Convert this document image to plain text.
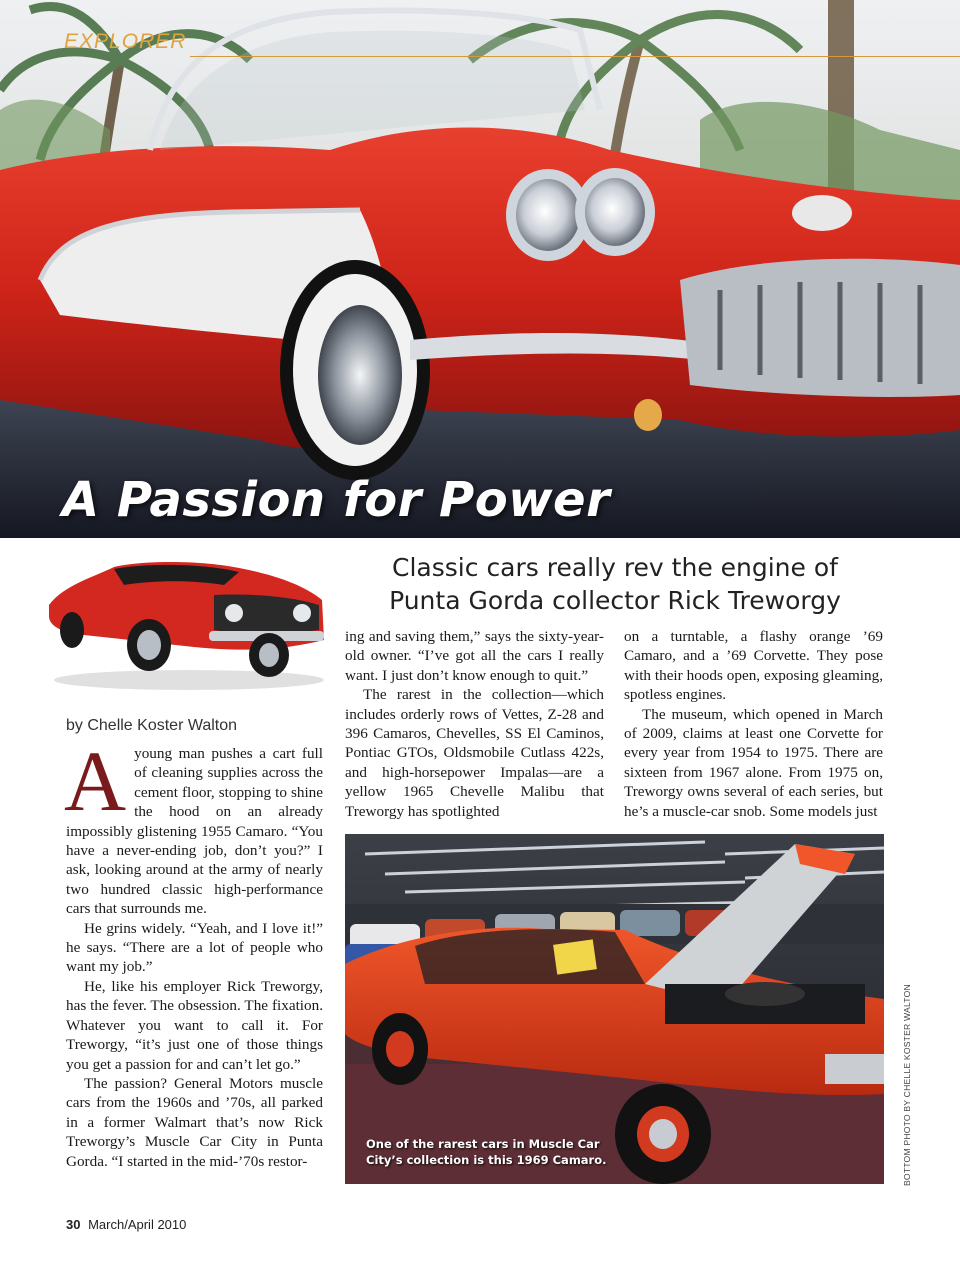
EXPLORER
A Passion for Power
Classic cars really rev the engine of
Punta Gorda collector Rick Treworgy
by Chelle Koster Walton
A young man pushes a cart full of cleaning supplies across the cement floor, stopping to shine the hood on an already impossibly glistening 1955 Camaro. “You have a never-ending job, don’t you?” I ask, looking around at the army of nearly two hundred classic high-performance cars that surrounds me.

He grins widely. “Yeah, and I love it!” he says. “There are a lot of people who want my job.”

He, like his employer Rick Treworgy, has the fever. The obsession. The fixation. Whatever you want to call it. For Treworgy, “it’s just one of those things you get a passion for and can’t let go.”

The passion? General Motors muscle cars from the 1960s and ’70s, all parked in a former Walmart that’s now Rick Treworgy’s Muscle Car City in Punta Gorda. “I started in the mid-’70s restor-

ing and saving them,” says the sixty-year-old owner. “I’ve got all the cars I really want. I just don’t know enough to quit.”

The rarest in the collection—which includes orderly rows of Vettes, Z-28 and 396 Camaros, Chevelles, SS El Caminos, Pontiac GTOs, Oldsmobile Cutlass 422s, and high-horsepower Impalas—are a yellow 1965 Chevelle Malibu that Treworgy has spotlighted

on a turntable, a flashy orange ’69 Camaro, and a ’69 Corvette. They pose with their hoods open, exposing gleaming, spotless engines.

The museum, which opened in March of 2009, claims at least one Corvette for every year from 1954 to 1975. There are sixteen from 1967 alone. From 1975 on, Treworgy owns several of each series, but he’s a muscle-car snob. Some models just

One of the rarest cars in Muscle Car City’s collection is this 1969 Camaro.	BOTTOM PHOTO BY CHELLE KOSTER WALTON
30 March/April 2010
